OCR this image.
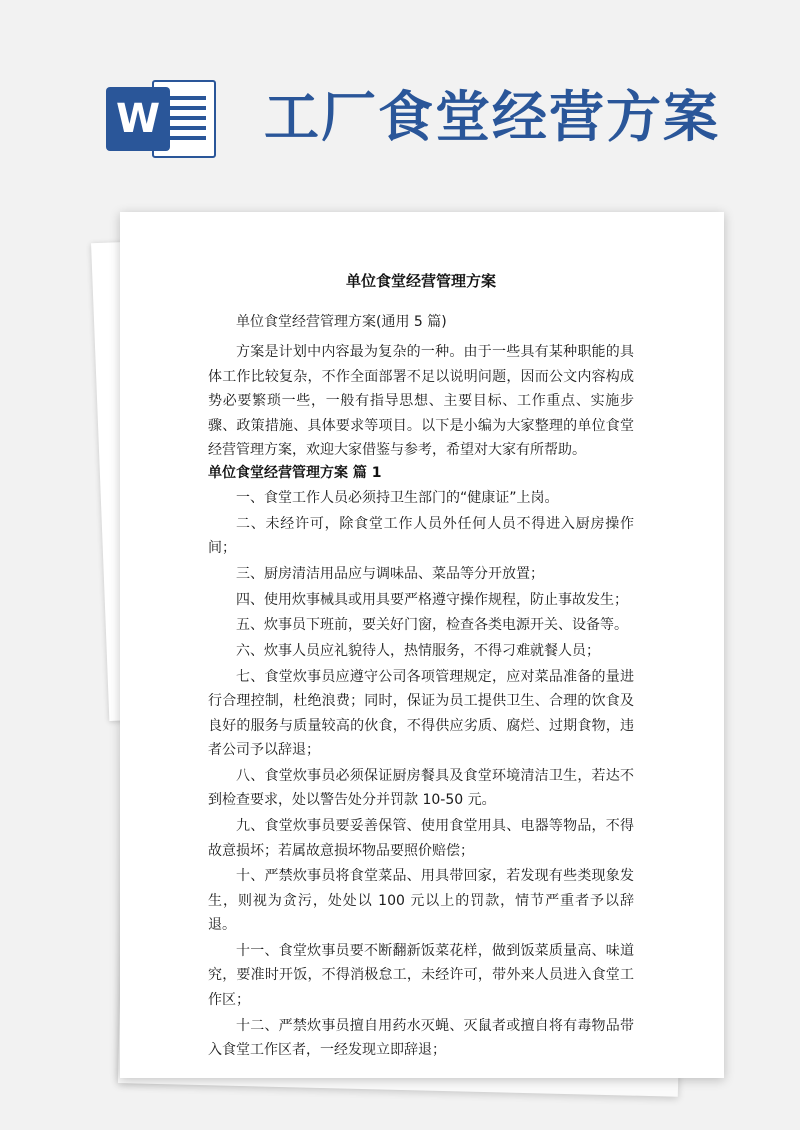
W 工厂食堂经营方案

单位食堂经营管理方案

单位食堂经营管理方案(通用 5 篇)

方案是计划中内容最为复杂的一种。由于一些具有某种职能的具体工作比较复杂，不作全面部署不足以说明问题，因而公文内容构成势必要繁琐一些，一般有指导思想、主要目标、工作重点、实施步骤、政策措施、具体要求等项目。以下是小编为大家整理的单位食堂经营管理方案，欢迎大家借鉴与参考，希望对大家有所帮助。

单位食堂经营管理方案 篇 1

一、食堂工作人员必须持卫生部门的“健康证”上岗。

二、未经许可，除食堂工作人员外任何人员不得进入厨房操作间；

三、厨房清洁用品应与调味品、菜品等分开放置；

四、使用炊事械具或用具要严格遵守操作规程，防止事故发生；

五、炊事员下班前，要关好门窗，检查各类电源开关、设备等。

六、炊事人员应礼貌待人，热情服务，不得刁难就餐人员；

七、食堂炊事员应遵守公司各项管理规定，应对菜品准备的量进行合理控制，杜绝浪费；同时，保证为员工提供卫生、合理的饮食及良好的服务与质量较高的伙食，不得供应劣质、腐烂、过期食物，违者公司予以辞退；

八、食堂炊事员必须保证厨房餐具及食堂环境清洁卫生，若达不到检查要求，处以警告处分并罚款 10-50 元。

九、食堂炊事员要妥善保管、使用食堂用具、电器等物品，不得故意损坏；若属故意损坏物品要照价赔偿；

十、严禁炊事员将食堂菜品、用具带回家，若发现有些类现象发生，则视为贪污，处处以 100 元以上的罚款，情节严重者予以辞退。

十一、食堂炊事员要不断翻新饭菜花样，做到饭菜质量高、味道究，要准时开饭，不得消极怠工，未经许可，带外来人员进入食堂工作区；

十二、严禁炊事员擅自用药水灭蝇、灭鼠者或擅自将有毒物品带入食堂工作区者，一经发现立即辞退；
